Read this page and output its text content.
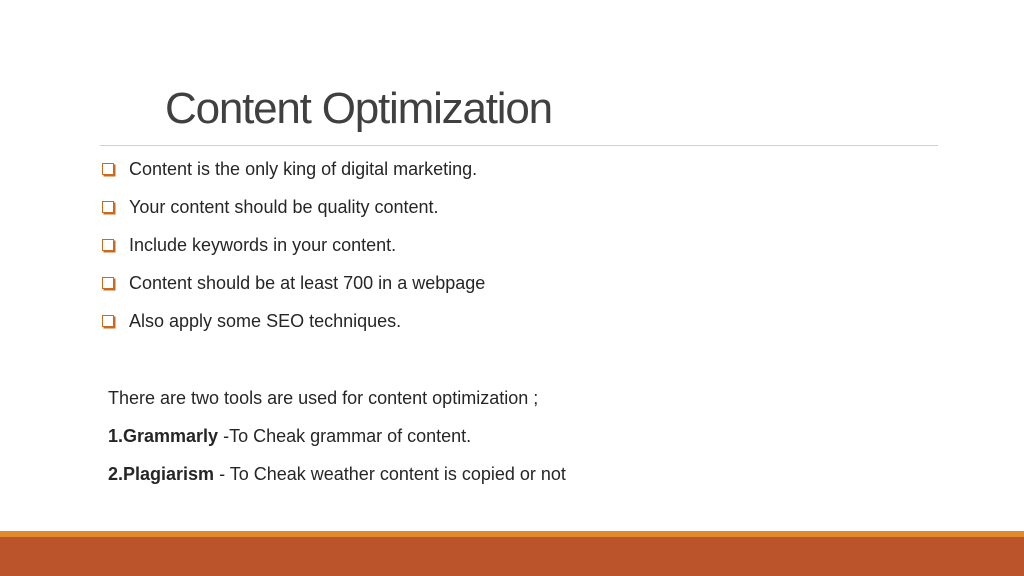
Content Optimization
Content is the only king of digital marketing.
Your content should be quality content.
Include keywords in your content.
Content should be at least 700 in a webpage
Also apply some SEO techniques.
There are two tools are used for content optimization ;
1.Grammarly -To Cheak grammar of content.
2.Plagiarism - To Cheak weather content is copied or not
